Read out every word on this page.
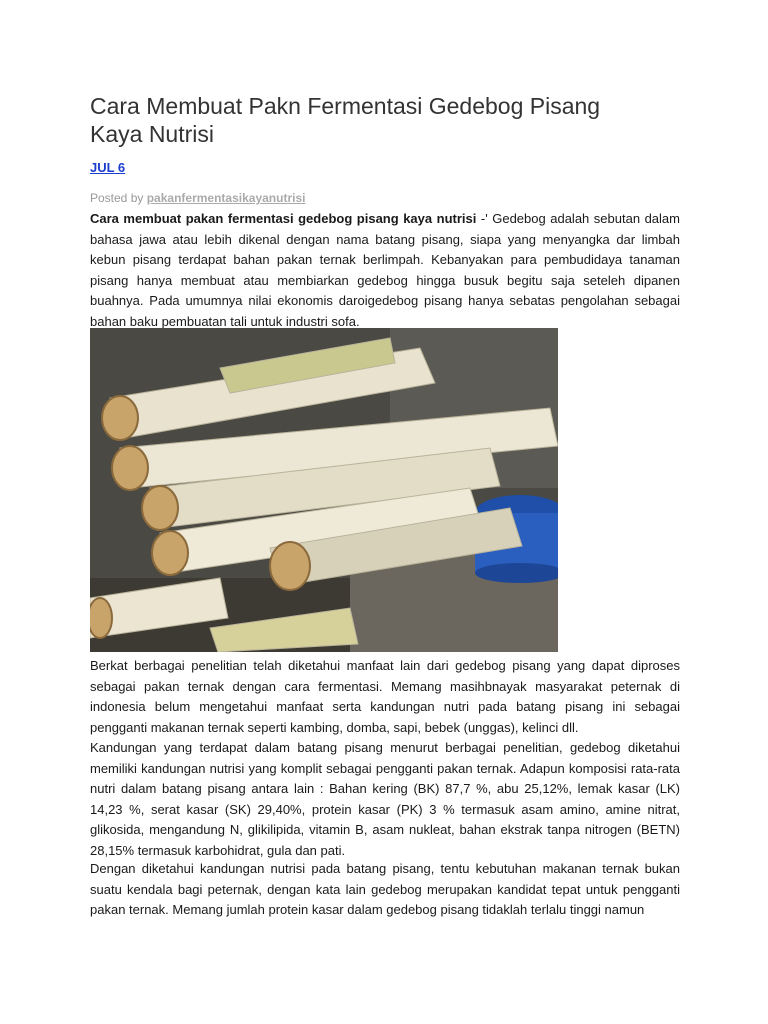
Cara Membuat Pakn Fermentasi Gedebog Pisang Kaya Nutrisi
JUL 6
Posted by pakanfermentasikayanutrisi

Cara membuat pakan fermentasi gedebog pisang kaya nutrisi -' Gedebog adalah sebutan dalam bahasa jawa atau lebih dikenal dengan nama batang pisang, siapa yang menyangka dar limbah kebun pisang terdapat bahan pakan ternak berlimpah. Kebanyakan para pembudidaya tanaman pisang hanya membuat atau membiarkan gedebog hingga busuk begitu saja seteleh dipanen buahnya. Pada umumnya nilai ekonomis daroigedebog pisang hanya sebatas pengolahan sebagai bahan baku pembuatan tali untuk industri sofa.

Berkat berbagai penelitian telah diketahui manfaat lain dari gedebog pisang yang dapat diproses sebagai pakan ternak dengan cara fermentasi. Memang masihbnayak masyarakat peternak di indonesia belum mengetahui manfaat serta kandungan nutri pada batang pisang ini sebagai pengganti makanan ternak seperti kambing, domba, sapi, bebek (unggas), kelinci dll.

Kandungan yang terdapat dalam batang pisang menurut berbagai penelitian, gedebog diketahui memiliki kandungan nutrisi yang komplit sebagai pengganti pakan ternak. Adapun komposisi rata-rata nutri dalam batang pisang antara lain : Bahan kering (BK) 87,7 %, abu 25,12%, lemak kasar (LK) 14,23 %, serat kasar (SK) 29,40%, protein kasar (PK) 3 % termasuk asam amino, amine nitrat, glikosida, mengandung N, glikilipida, vitamin B, asam nukleat, bahan ekstrak tanpa nitrogen (BETN) 28,15% termasuk karbohidrat, gula dan pati.

Dengan diketahui kandungan nutrisi pada batang pisang, tentu kebutuhan makanan ternak bukan suatu kendala bagi peternak, dengan kata lain gedebog merupakan kandidat tepat untuk pengganti pakan ternak. Memang jumlah protein kasar dalam gedebog pisang tidaklah terlalu tinggi namun
